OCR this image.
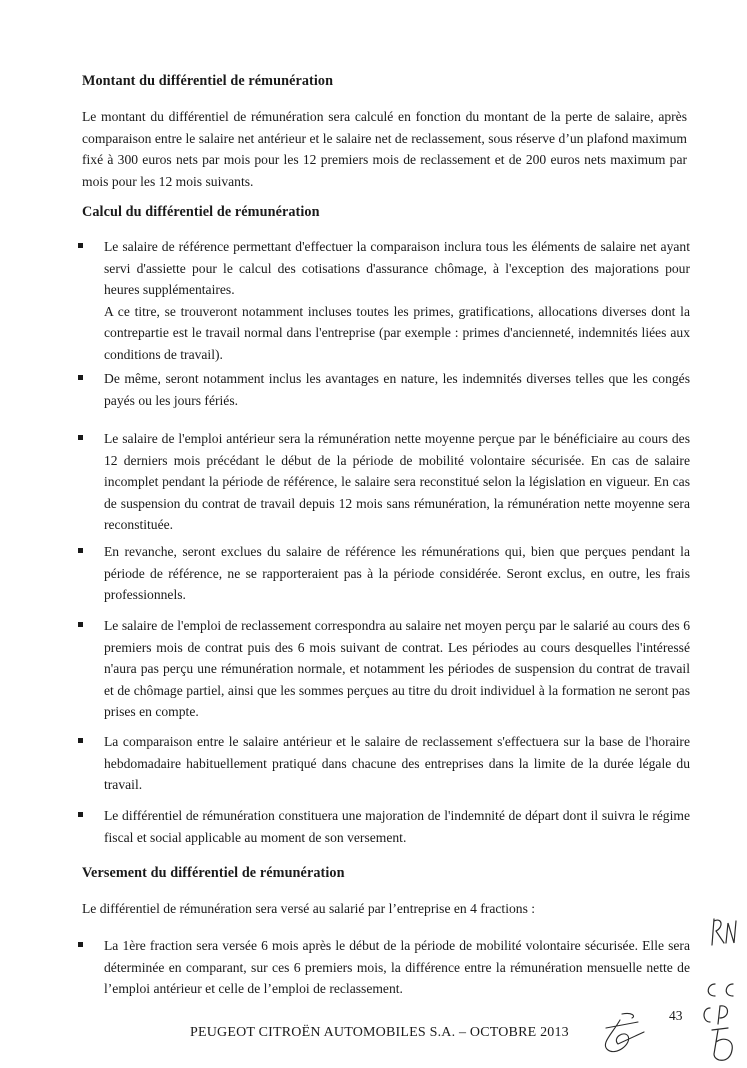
Montant du différentiel de rémunération

Le montant du différentiel de rémunération sera calculé en fonction du montant de la perte de salaire, après comparaison entre le salaire net antérieur et le salaire net de reclassement, sous réserve d’un plafond maximum fixé à 300 euros nets par mois pour les 12 premiers mois de reclassement et de 200 euros nets maximum par mois pour les 12 mois suivants.

Calcul du différentiel de rémunération

Le salaire de référence permettant d'effectuer la comparaison inclura tous les éléments de salaire net ayant servi d'assiette pour le calcul des cotisations d'assurance chômage, à l'exception des majorations pour heures supplémentaires.

A ce titre, se trouveront notamment incluses toutes les primes, gratifications, allocations diverses dont la contrepartie est le travail normal dans l'entreprise (par exemple : primes d'ancienneté, indemnités liées aux conditions de travail).

De même, seront notamment inclus les avantages en nature, les indemnités diverses telles que les congés payés ou les jours fériés.

Le salaire de l'emploi antérieur sera la rémunération nette moyenne perçue par le bénéficiaire au cours des 12 derniers mois précédant le début de la période de mobilité volontaire sécurisée. En cas de salaire incomplet pendant la période de référence, le salaire sera reconstitué selon la législation en vigueur. En cas de suspension du contrat de travail depuis 12 mois sans rémunération, la rémunération nette moyenne sera reconstituée.

En revanche, seront exclues du salaire de référence les rémunérations qui, bien que perçues pendant la période de référence, ne se rapporteraient pas à la période considérée. Seront exclus, en outre, les frais professionnels.

Le salaire de l'emploi de reclassement correspondra au salaire net moyen perçu par le salarié au cours des 6 premiers mois de contrat puis des 6 mois suivant de contrat. Les périodes au cours desquelles l'intéressé n'aura pas perçu une rémunération normale, et notamment les périodes de suspension du contrat de travail et de chômage partiel, ainsi que les sommes perçues au titre du droit individuel à la formation ne seront pas prises en compte.

La comparaison entre le salaire antérieur et le salaire de reclassement s'effectuera sur la base de l'horaire hebdomadaire habituellement pratiqué dans chacune des entreprises dans la limite de la durée légale du travail.

Le différentiel de rémunération constituera une majoration de l'indemnité de départ dont il suivra le régime fiscal et social applicable au moment de son versement.

Versement du différentiel de rémunération

Le différentiel de rémunération sera versé au salarié par l’entreprise en 4 fractions :

La 1ère fraction sera versée 6 mois après le début de la période de mobilité volontaire sécurisée. Elle sera déterminée en comparant, sur ces 6 premiers mois, la différence entre la rémunération mensuelle nette de l’emploi antérieur et celle de l’emploi de reclassement.

43
PEUGEOT CITROËN AUTOMOBILES S.A. – OCTOBRE 2013
